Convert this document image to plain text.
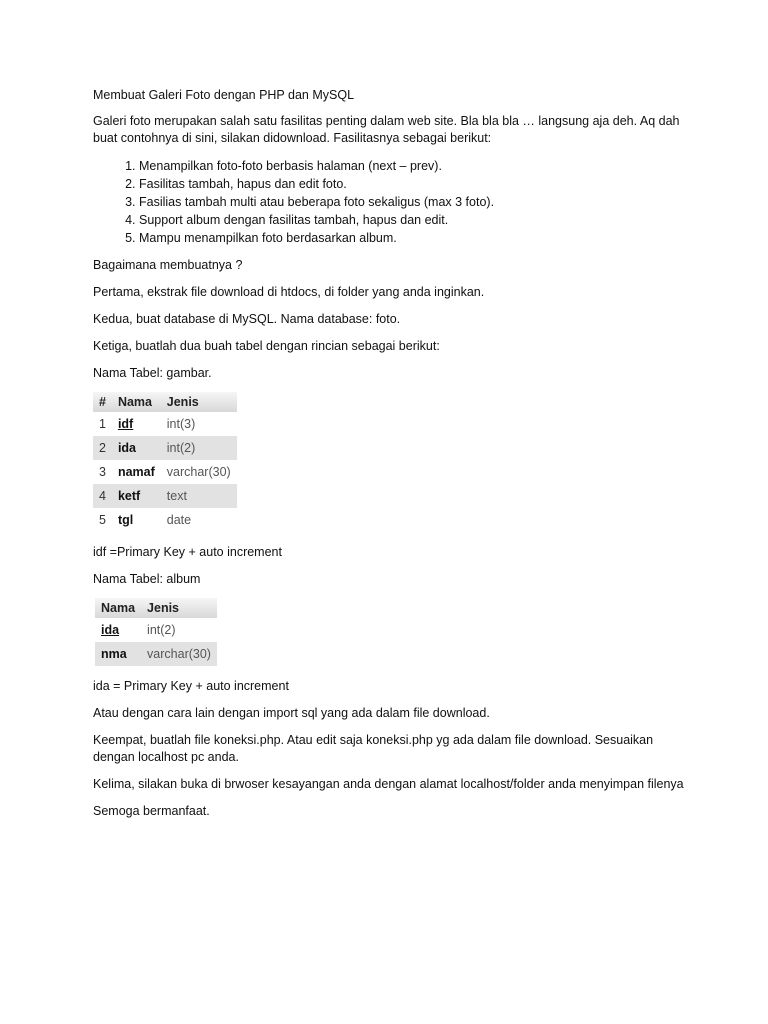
Membuat Galeri Foto dengan PHP dan MySQL

Galeri foto merupakan salah satu fasilitas penting dalam web site. Bla bla bla … langsung aja deh. Aq dah buat contohnya di sini, silakan didownload. Fasilitasnya sebagai berikut:

1. Menampilkan foto-foto berbasis halaman (next – prev).
2. Fasilitas tambah, hapus dan edit foto.
3. Fasilias tambah multi atau beberapa foto sekaligus (max 3 foto).
4. Support album dengan fasilitas tambah, hapus dan edit.
5. Mampu menampilkan foto berdasarkan album.

Bagaimana membuatnya ?

Pertama, ekstrak file download di htdocs, di folder yang anda inginkan.

Kedua, buat database di MySQL. Nama database: foto.

Ketiga, buatlah dua buah tabel dengan rincian sebagai berikut:

Nama Tabel: gambar.

#	Nama	Jenis
1	idf	int(3)
2	ida	int(2)
3	namaf	varchar(30)
4	ketf	text
5	tgl	date

idf =Primary Key + auto increment

Nama Tabel: album

Nama	Jenis
ida	int(2)
nma	varchar(30)

ida = Primary Key + auto increment

Atau dengan cara lain dengan import sql yang ada dalam file download.

Keempat, buatlah file koneksi.php. Atau edit saja koneksi.php yg ada dalam file download. Sesuaikan dengan localhost pc anda.

Kelima, silakan buka di brwoser kesayangan anda dengan alamat localhost/folder anda menyimpan filenya

Semoga bermanfaat.
